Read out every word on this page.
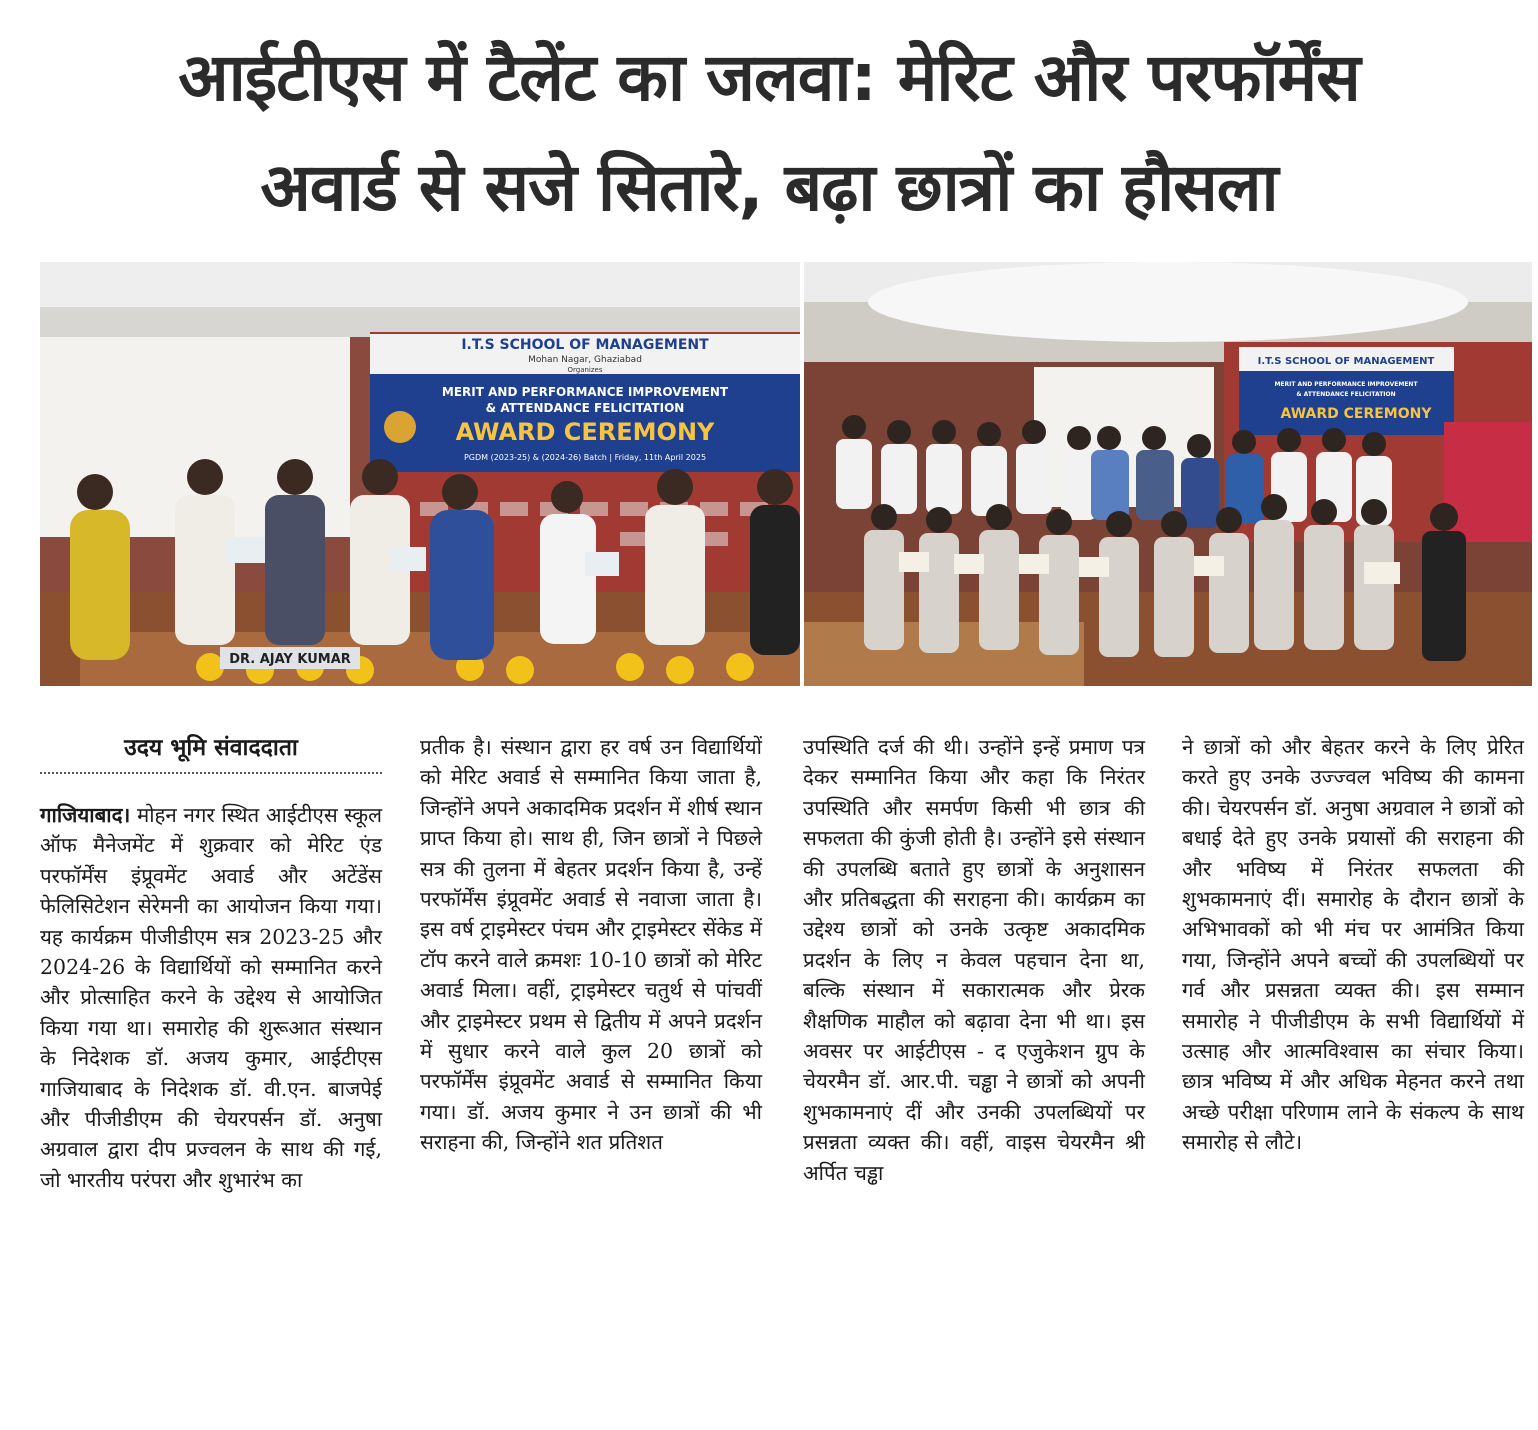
आईटीएस में टैलेंट का जलवा: मेरिट और परफॉर्मेंस
अवार्ड से सजे सितारे, बढ़ा छात्रों का हौसला
I.T.S SCHOOL OF MANAGEMENT
Mohan Nagar, Ghaziabad
Organizes
MERIT AND PERFORMANCE IMPROVEMENT
& ATTENDANCE FELICITATION
AWARD CEREMONY
PGDM (2023-25) & (2024-26) Batch | Friday, 11th April 2025
DR. AJAY KUMAR
I.T.S SCHOOL OF MANAGEMENT
MERIT AND PERFORMANCE IMPROVEMENT
& ATTENDANCE FELICITATION
AWARD CEREMONY
उदय भूमि संवाददाता

गाजियाबाद। मोहन नगर स्थित आईटीएस स्कूल ऑफ मैनेजमेंट में शुक्रवार को मेरिट एंड परफॉर्मेंस इंप्रूवमेंट अवार्ड और अटेंडेंस फेलिसिटेशन सेरेमनी का आयोजन किया गया। यह कार्यक्रम पीजीडीएम सत्र 2023-25 और 2024-26 के विद्यार्थियों को सम्मानित करने और प्रोत्साहित करने के उद्देश्य से आयोजित किया गया था। समारोह की शुरूआत संस्थान के निदेशक डॉ. अजय कुमार, आईटीएस गाजियाबाद के निदेशक डॉ. वी.एन. बाजपेई और पीजीडीएम की चेयरपर्सन डॉ. अनुषा अग्रवाल द्वारा दीप प्रज्वलन के साथ की गई, जो भारतीय परंपरा और शुभारंभ का

प्रतीक है। संस्थान द्वारा हर वर्ष उन विद्यार्थियों को मेरिट अवार्ड से सम्मानित किया जाता है, जिन्होंने अपने अकादमिक प्रदर्शन में शीर्ष स्थान प्राप्त किया हो। साथ ही, जिन छात्रों ने पिछले सत्र की तुलना में बेहतर प्रदर्शन किया है, उन्हें परफॉर्मेंस इंप्रूवमेंट अवार्ड से नवाजा जाता है। इस वर्ष ट्राइमेस्टर पंचम और ट्राइमेस्टर सेंकेड में टॉप करने वाले क्रमशः 10-10 छात्रों को मेरिट अवार्ड मिला। वहीं, ट्राइमेस्टर चतुर्थ से पांचवीं और ट्राइमेस्टर प्रथम से द्वितीय में अपने प्रदर्शन में सुधार करने वाले कुल 20 छात्रों को परफॉर्मेंस इंप्रूवमेंट अवार्ड से सम्मानित किया गया। डॉ. अजय कुमार ने उन छात्रों की भी सराहना की, जिन्होंने शत प्रतिशत

उपस्थिति दर्ज की थी। उन्होंने इन्हें प्रमाण पत्र देकर सम्मानित किया और कहा कि निरंतर उपस्थिति और समर्पण किसी भी छात्र की सफलता की कुंजी होती है। उन्होंने इसे संस्थान की उपलब्धि बताते हुए छात्रों के अनुशासन और प्रतिबद्धता की सराहना की। कार्यक्रम का उद्देश्य छात्रों को उनके उत्कृष्ट अकादमिक प्रदर्शन के लिए न केवल पहचान देना था, बल्कि संस्थान में सकारात्मक और प्रेरक शैक्षणिक माहौल को बढ़ावा देना भी था। इस अवसर पर आईटीएस - द एजुकेशन ग्रुप के चेयरमैन डॉ. आर.पी. चड्ढा ने छात्रों को अपनी शुभकामनाएं दीं और उनकी उपलब्धियों पर प्रसन्नता व्यक्त की। वहीं, वाइस चेयरमैन श्री अर्पित चड्ढा

ने छात्रों को और बेहतर करने के लिए प्रेरित करते हुए उनके उज्ज्वल भविष्य की कामना की। चेयरपर्सन डॉ. अनुषा अग्रवाल ने छात्रों को बधाई देते हुए उनके प्रयासों की सराहना की और भविष्य में निरंतर सफलता की शुभकामनाएं दीं। समारोह के दौरान छात्रों के अभिभावकों को भी मंच पर आमंत्रित किया गया, जिन्होंने अपने बच्चों की उपलब्धियों पर गर्व और प्रसन्नता व्यक्त की। इस सम्मान समारोह ने पीजीडीएम के सभी विद्यार्थियों में उत्साह और आत्मविश्वास का संचार किया। छात्र भविष्य में और अधिक मेहनत करने तथा अच्छे परीक्षा परिणाम लाने के संकल्प के साथ समारोह से लौटे।
